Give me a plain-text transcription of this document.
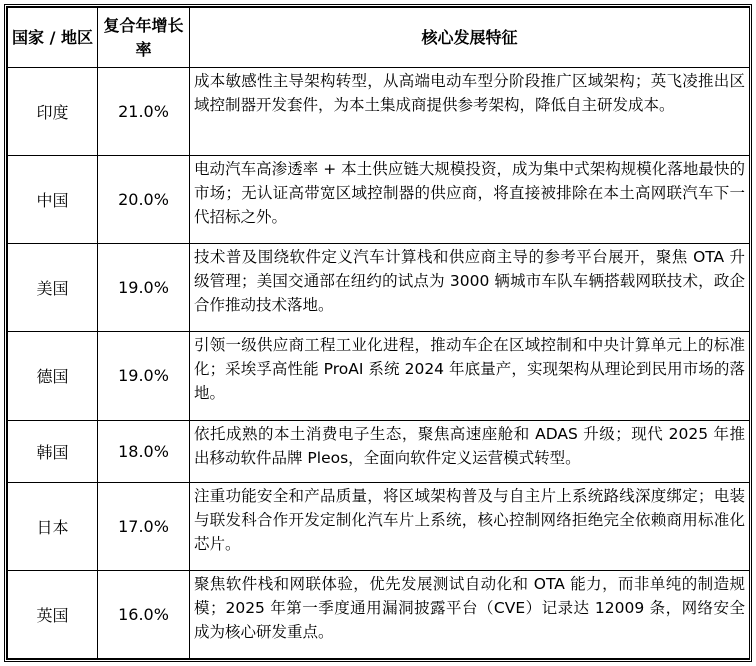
国家 / 地区	复合年增长率	核心发展特征
印度	21.0%	成本敏感性主导架构转型，从高端电动车型分阶段推广区域架构；英飞凌推出区域控制器开发套件，为本土集成商提供参考架构，降低自主研发成本。
中国	20.0%	电动汽车高渗透率 + 本土供应链大规模投资，成为集中式架构规模化落地最快的市场；无认证高带宽区域控制器的供应商，将直接被排除在本土高网联汽车下一代招标之外。
美国	19.0%	技术普及围绕软件定义汽车计算栈和供应商主导的参考平台展开，聚焦 OTA 升级管理；美国交通部在纽约的试点为 3000 辆城市车队车辆搭载网联技术，政企合作推动技术落地。
德国	19.0%	引领一级供应商工程工业化进程，推动车企在区域控制和中央计算单元上的标准化；采埃孚高性能 ProAI 系统 2024 年底量产，实现架构从理论到民用市场的落地。
韩国	18.0%	依托成熟的本土消费电子生态，聚焦高速座舱和 ADAS 升级；现代 2025 年推出移动软件品牌 Pleos，全面向软件定义运营模式转型。
日本	17.0%	注重功能安全和产品质量，将区域架构普及与自主片上系统路线深度绑定；电装与联发科合作开发定制化汽车片上系统，核心控制网络拒绝完全依赖商用标准化芯片。
英国	16.0%	聚焦软件栈和网联体验，优先发展测试自动化和 OTA 能力，而非单纯的制造规模；2025 年第一季度通用漏洞披露平台（CVE）记录达 12009 条，网络安全成为核心研发重点。
